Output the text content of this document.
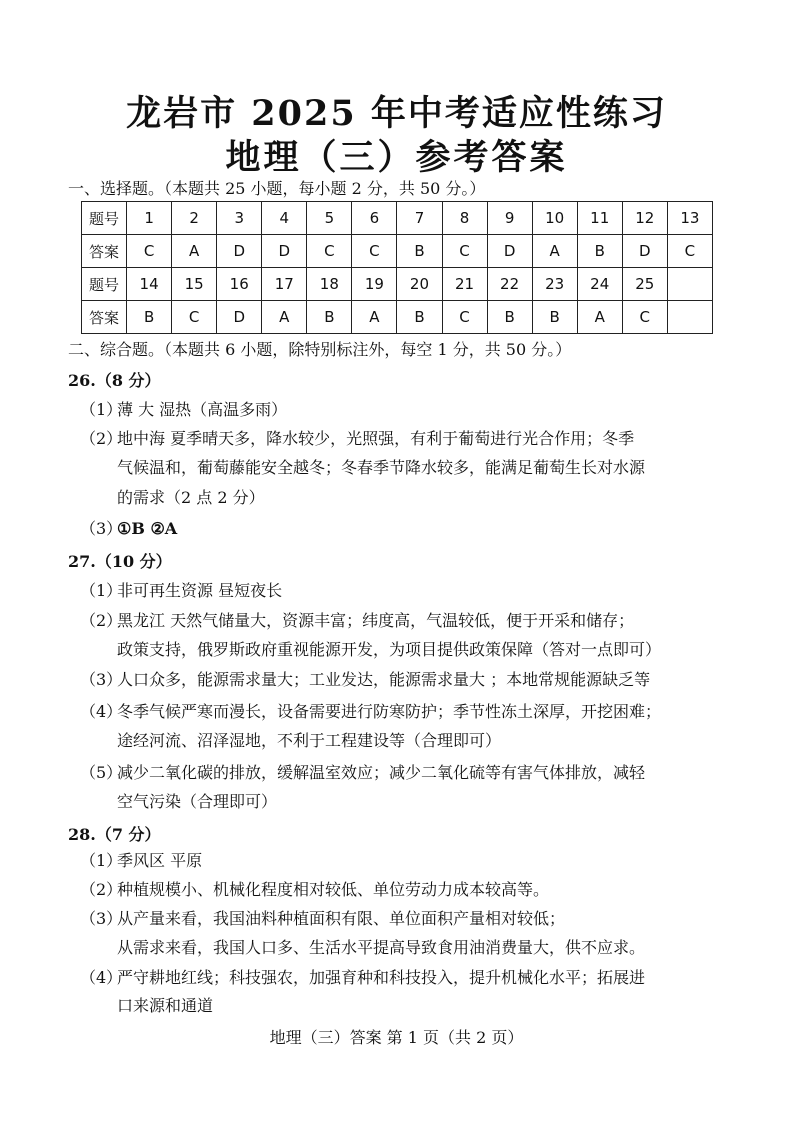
龙岩市 2025 年中考适应性练习
地理（三）参考答案
一、选择题。（本题共 25 小题，每小题 2 分，共 50 分。）
题号	1	2	3	4	5	6	7	8	9	10	11	12	13
答案	C	A	D	D	C	C	B	C	D	A	B	D	C
题号	14	15	16	17	18	19	20	21	22	23	24	25	
答案	B	C	D	A	B	A	B	C	B	B	A	C	
二、综合题。（本题共 6 小题，除特别标注外，每空 1 分，共 50 分。）
26.（8 分）
（1）
薄 大 湿热（高温多雨）
（2）
地中海 夏季晴天多，降水较少，光照强，有利于葡萄进行光合作用；冬季
气候温和，葡萄藤能安全越冬；冬春季节降水较多，能满足葡萄生长对水源
的需求（2 点 2 分）
（3）
①B ②A
27.（10 分）
（1）
非可再生资源 昼短夜长
（2）
黑龙江 天然气储量大，资源丰富；纬度高，气温较低，便于开采和储存；
政策支持，俄罗斯政府重视能源开发，为项目提供政策保障（答对一点即可）
（3）
人口众多，能源需求量大；工业发达，能源需求量大 ；本地常规能源缺乏等
（4）
冬季气候严寒而漫长，设备需要进行防寒防护；季节性冻土深厚，开挖困难；
途经河流、沼泽湿地，不利于工程建设等（合理即可）
（5）
减少二氧化碳的排放，缓解温室效应；减少二氧化硫等有害气体排放，减轻
空气污染（合理即可）
28.（7 分）
（1）
季风区 平原
（2）
种植规模小、机械化程度相对较低、单位劳动力成本较高等。
（3）
从产量来看，我国油料种植面积有限、单位面积产量相对较低；
从需求来看，我国人口多、生活水平提高导致食用油消费量大，供不应求。
（4）
严守耕地红线；科技强农，加强育种和科技投入，提升机械化水平；拓展进
口来源和通道
地理（三）答案 第 1 页（共 2 页）
